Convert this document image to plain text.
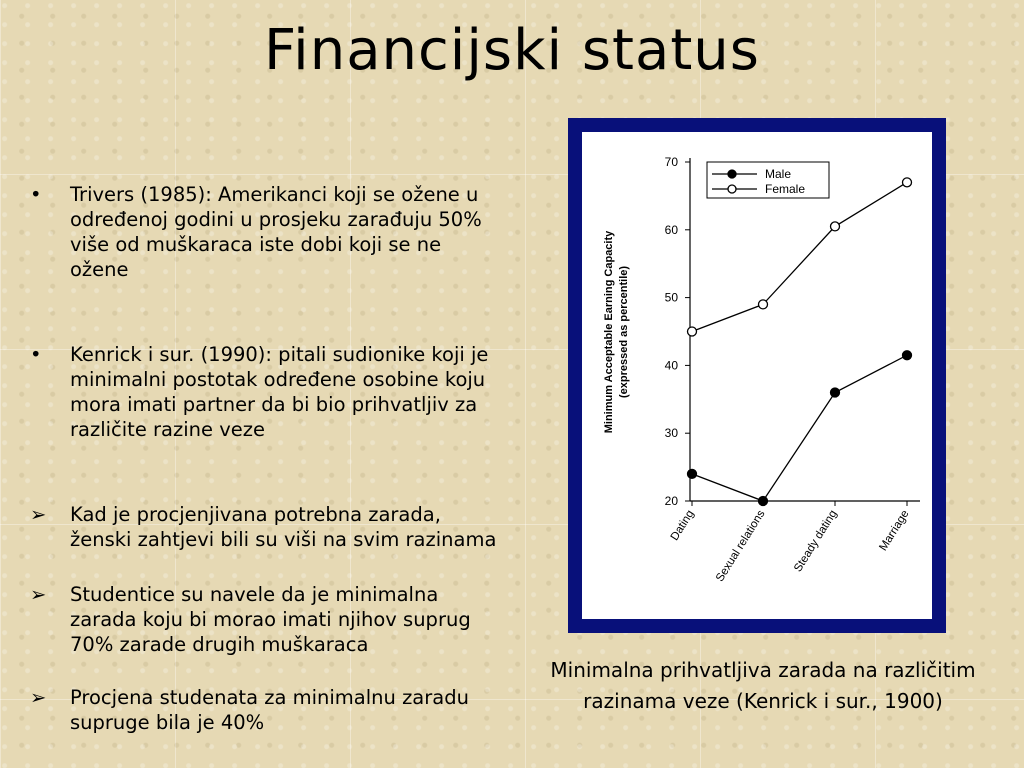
Financijski status
•	Trivers (1985): Amerikanci koji se ožene u određenoj godini u prosjeku zarađuju 50% više od muškaraca iste dobi koji se ne ožene
•	Kenrick i sur. (1990): pitali sudionike koji je minimalni postotak određene osobine koju mora imati partner da bi bio prihvatljiv za različite razine veze
➢	Kad je procjenjivana potrebna zarada, ženski zahtjevi bili su viši na svim razinama
➢	Studentice su navele da je minimalna zarada koju bi morao imati njihov suprug 70% zarade drugih muškaraca
➢	Procjena studenata za minimalnu zaradu supruge bila je 40%
20
30
40
50
60
70
Dating Sexual relations Steady dating	Marriage
Minimum Acceptable Earning Capacity (expressed as percentile)
Male
Female
Minimalna prihvatljiva zarada na različitim razinama veze (Kenrick i sur., 1900)
